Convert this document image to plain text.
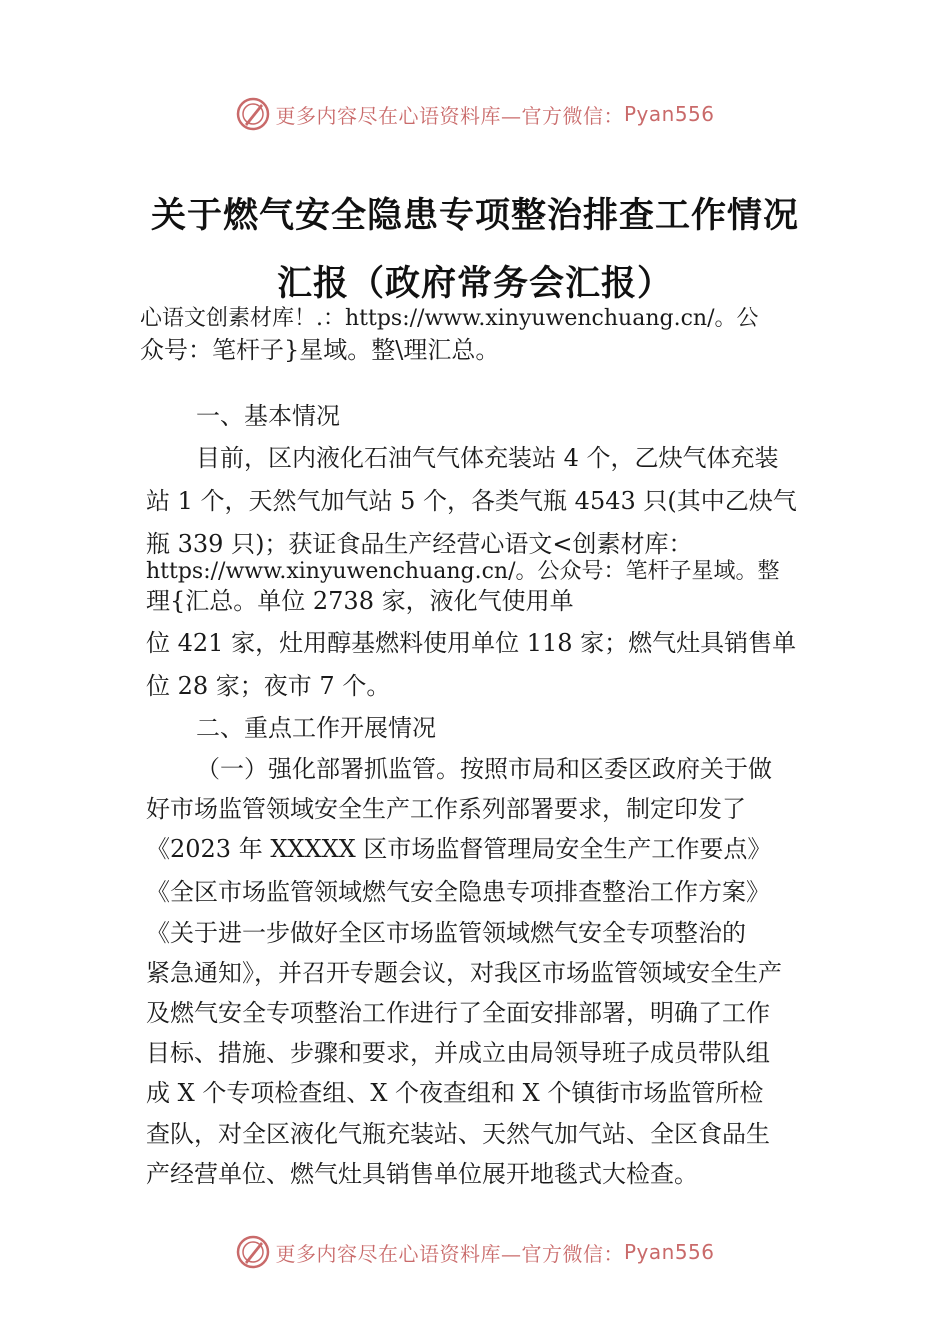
更多内容尽在心语资料库—官方微信： Pyan556
关于燃气安全隐患专项整治排查工作情况
汇报（政府常务会汇报）
心语文创素材库！.：https://www.xinyuwenchuang.cn/。公
众号：笔杆子}星域。整\理汇总。
一、基本情况
目前，区内液化石油气气体充装站 4 个，乙炔气体充装
站 1 个，天然气加气站 5 个，各类气瓶 4543 只(其中乙炔气
瓶 339 只)；获证食品生产经营心语文<创素材库：
https://www.xinyuwenchuang.cn/。公众号：笔杆子星域。整
理{汇总。单位 2738 家，液化气使用单
位 421 家，灶用醇基燃料使用单位 118 家；燃气灶具销售单
位 28 家；夜市 7 个。
二、重点工作开展情况
（一）强化部署抓监管。按照市局和区委区政府关于做
好市场监管领域安全生产工作系列部署要求，制定印发了
《2023 年 XXXXX 区市场监督管理局安全生产工作要点》
《全区市场监管领域燃气安全隐患专项排查整治工作方案》
《关于进一步做好全区市场监管领域燃气安全专项整治的
紧急通知》，并召开专题会议，对我区市场监管领域安全生产
及燃气安全专项整治工作进行了全面安排部署，明确了工作
目标、措施、步骤和要求，并成立由局领导班子成员带队组
成 X 个专项检查组、X 个夜查组和 X 个镇街市场监管所检
查队，对全区液化气瓶充装站、天然气加气站、全区食品生
产经营单位、燃气灶具销售单位展开地毯式大检查。
更多内容尽在心语资料库—官方微信： Pyan556
